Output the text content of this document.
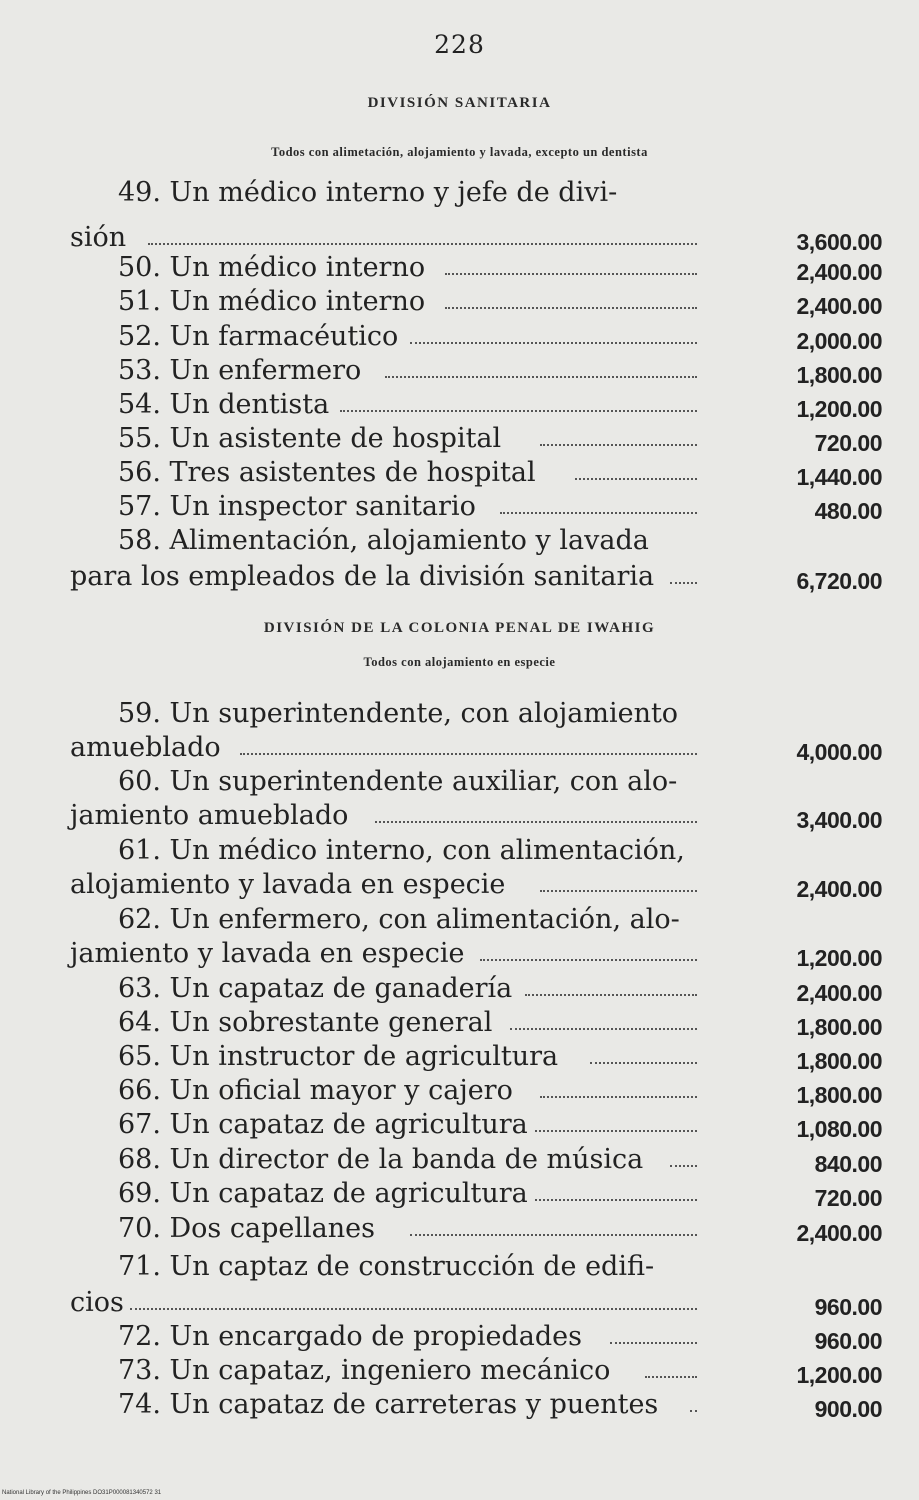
228
DIVISIÓN SANITARIA
Todos con alimetación, alojamiento y lavada, excepto un dentista
DIVISIÓN DE LA COLONIA PENAL DE IWAHIG
Todos con alojamiento en especie
49. Un médico interno y jefe de divi-
sión	3,600.00
50. Un médico interno	2,400.00
51. Un médico interno	2,400.00
52. Un farmacéutico	2,000.00
53. Un enfermero	1,800.00
54. Un dentista	1,200.00
55. Un asistente de hospital	720.00
56. Tres asistentes de hospital	1,440.00
57. Un inspector sanitario	480.00
58. Alimentación, alojamiento y lavada
para los empleados de la división sanitaria	6,720.00
59. Un superintendente, con alojamiento
amueblado	4,000.00
60. Un superintendente auxiliar, con alo-
jamiento amueblado	3,400.00
61. Un médico interno, con alimentación,
alojamiento y lavada en especie	2,400.00
62. Un enfermero, con alimentación, alo-
jamiento y lavada en especie	1,200.00
63. Un capataz de ganadería	2,400.00
64. Un sobrestante general	1,800.00
65. Un instructor de agricultura	1,800.00
66. Un oficial mayor y cajero	1,800.00
67. Un capataz de agricultura	1,080.00
68. Un director de la banda de música	840.00
69. Un capataz de agricultura	720.00
70. Dos capellanes	2,400.00
71. Un captaz de construcción de edifi-
cios	960.00
72. Un encargado de propiedades	960.00
73. Un capataz, ingeniero mecánico	1,200.00
74. Un capataz de carreteras y puentes	900.00
National Library of the Philippines DO31P000081340572 31
